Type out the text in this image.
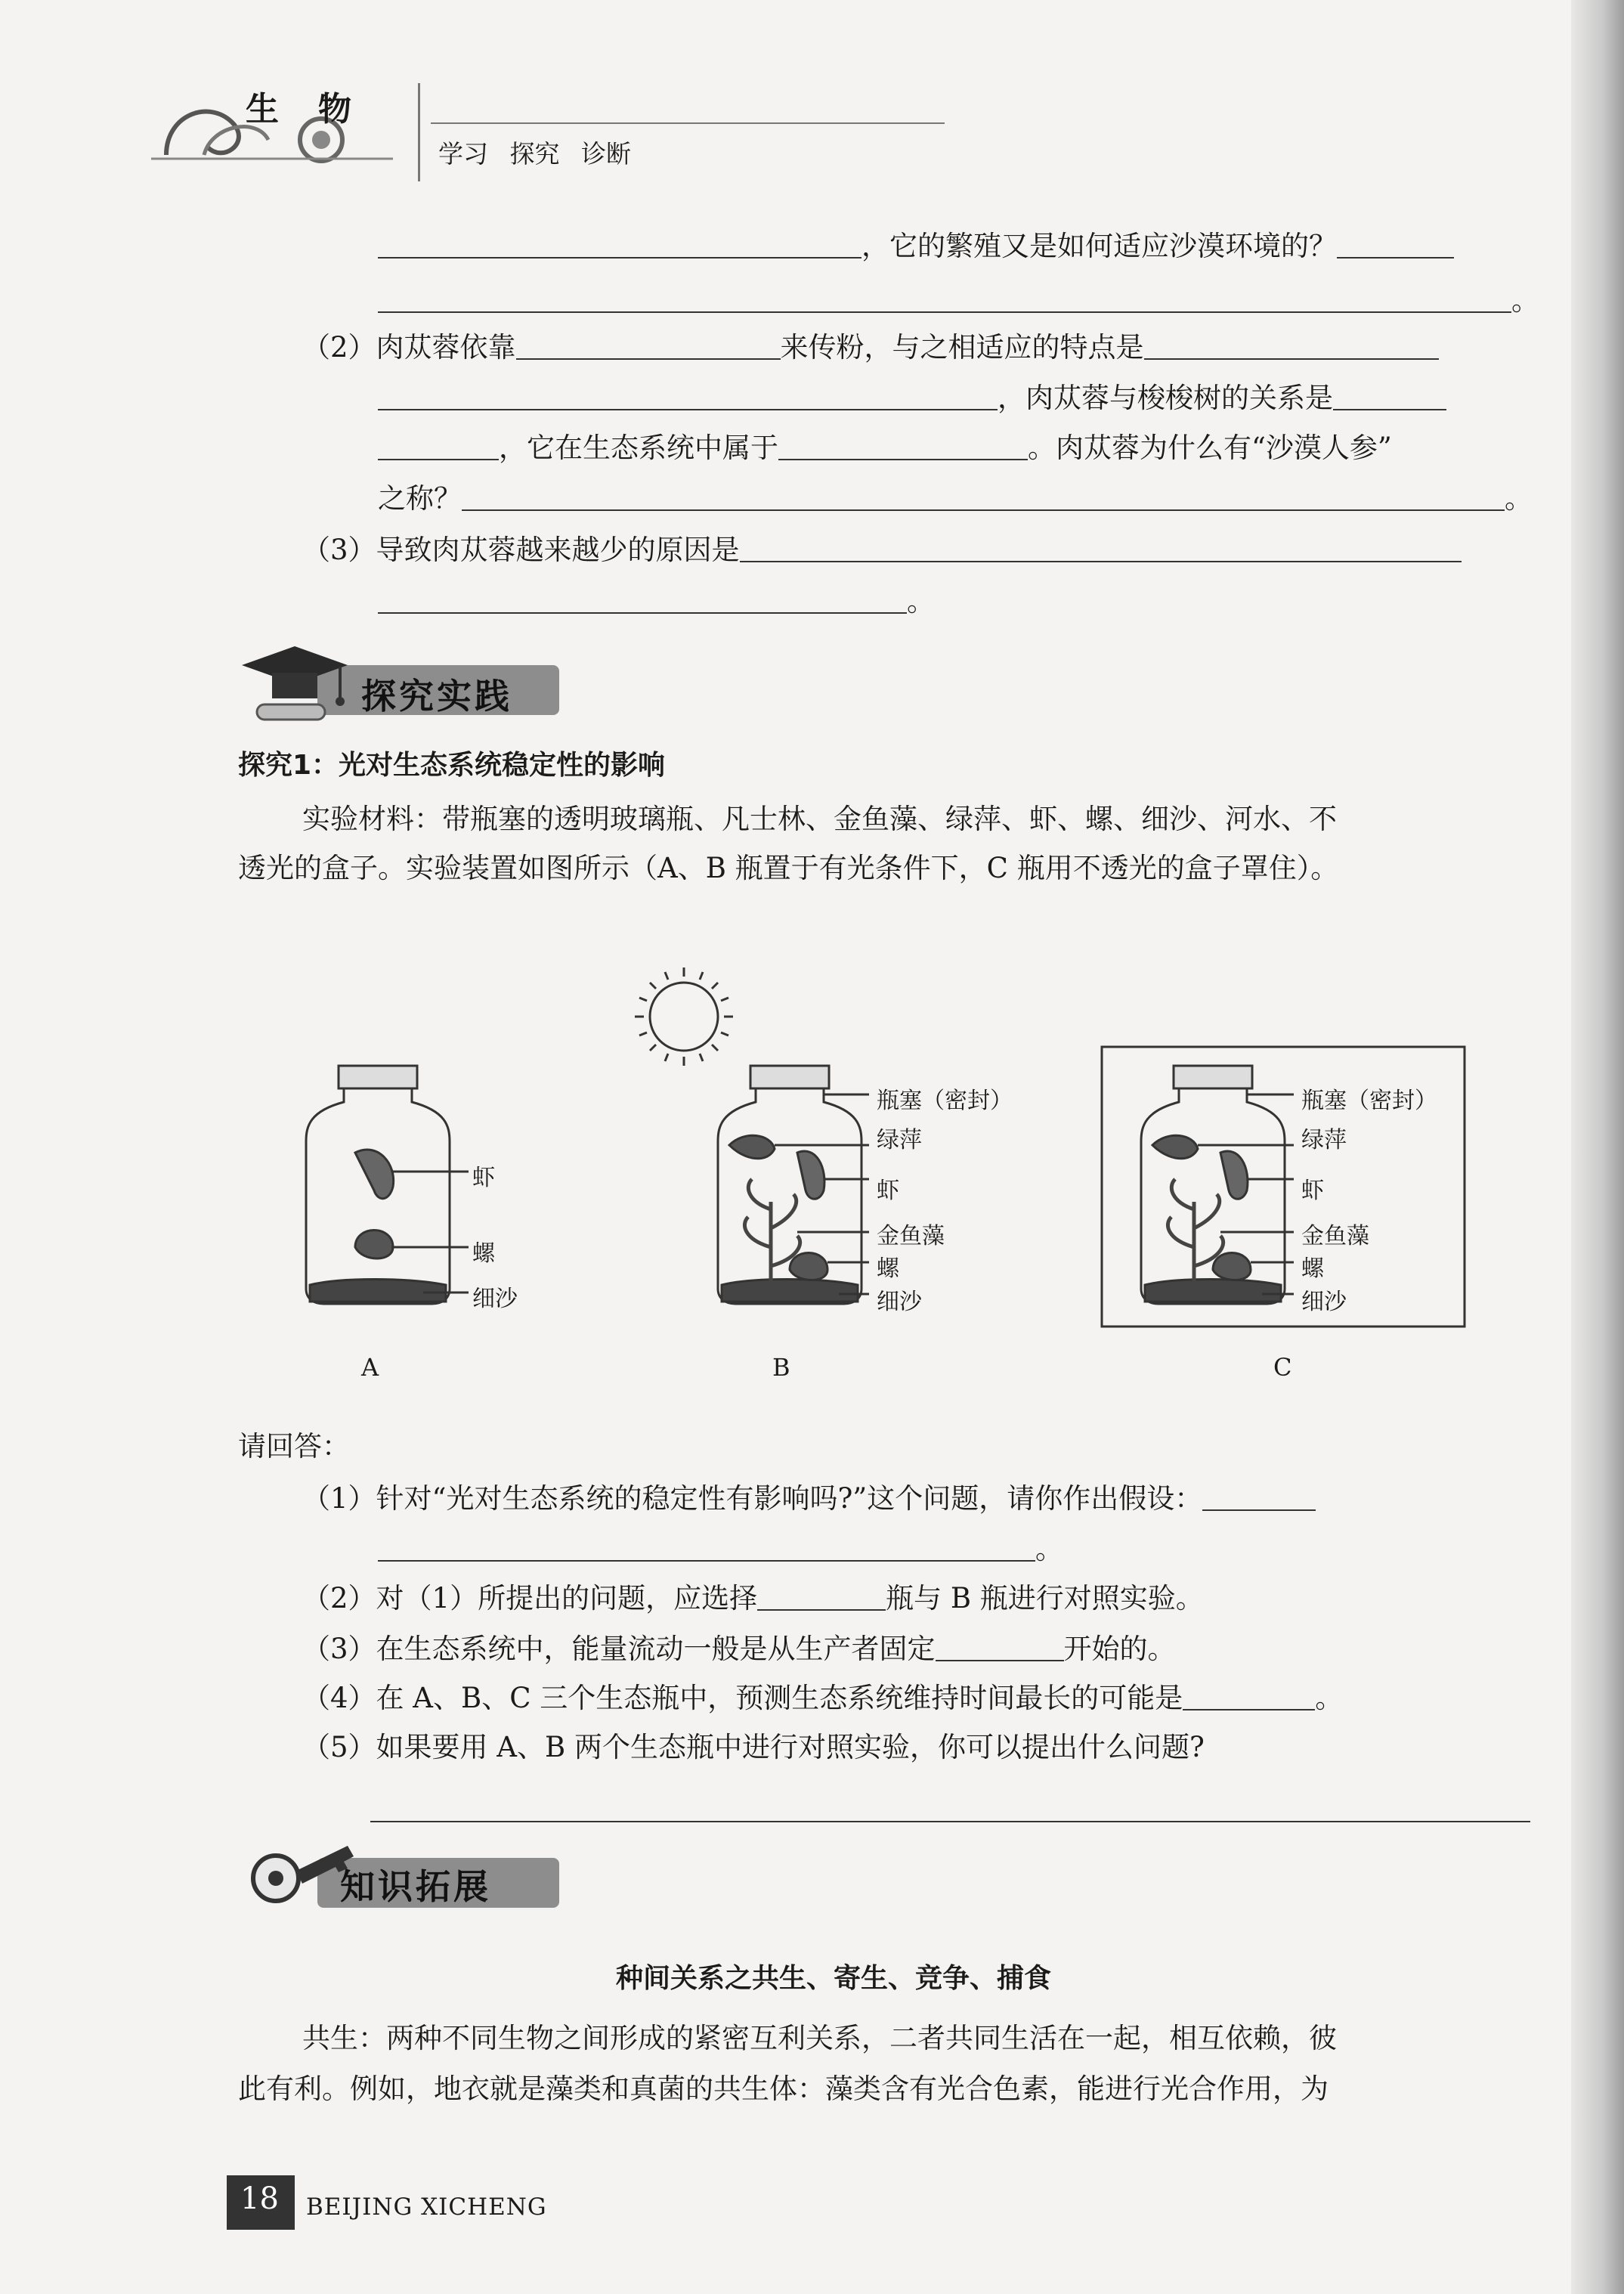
生物
学习 探究 诊断
，它的繁殖又是如何适应沙漠环境的？
。
（2）肉苁蓉依靠	来传粉，与之相适应的特点是
，肉苁蓉与梭梭树的关系是
，它在生态系统中属于	。肉苁蓉为什么有“沙漠人参”
之称？	。
（3）导致肉苁蓉越来越少的原因是
。
探究实践
探究1：光对生态系统稳定性的影响
实验材料：带瓶塞的透明玻璃瓶、凡士林、金鱼藻、绿萍、虾、螺、细沙、河水、不
透光的盒子。实验装置如图所示（A、B 瓶置于有光条件下，C 瓶用不透光的盒子罩住）。
虾
螺
细沙
A
瓶塞（密封）
绿萍
虾
金鱼藻
螺
细沙
B
瓶塞（密封）
绿萍
虾
金鱼藻
螺
细沙
C
请回答：
（1）针对“光对生态系统的稳定性有影响吗?”这个问题，请你作出假设：
。
（2）对（1）所提出的问题，应选择	瓶与 B 瓶进行对照实验。
（3）在生态系统中，能量流动一般是从生产者固定	开始的。
（4）在 A、B、C 三个生态瓶中，预测生态系统维持时间最长的可能是	。
（5）如果要用 A、B 两个生态瓶中进行对照实验，你可以提出什么问题?
知识拓展
种间关系之共生、寄生、竞争、捕食
共生：两种不同生物之间形成的紧密互利关系，二者共同生活在一起，相互依赖，彼
此有利。例如，地衣就是藻类和真菌的共生体：藻类含有光合色素，能进行光合作用，为
18 BEIJING XICHENG
